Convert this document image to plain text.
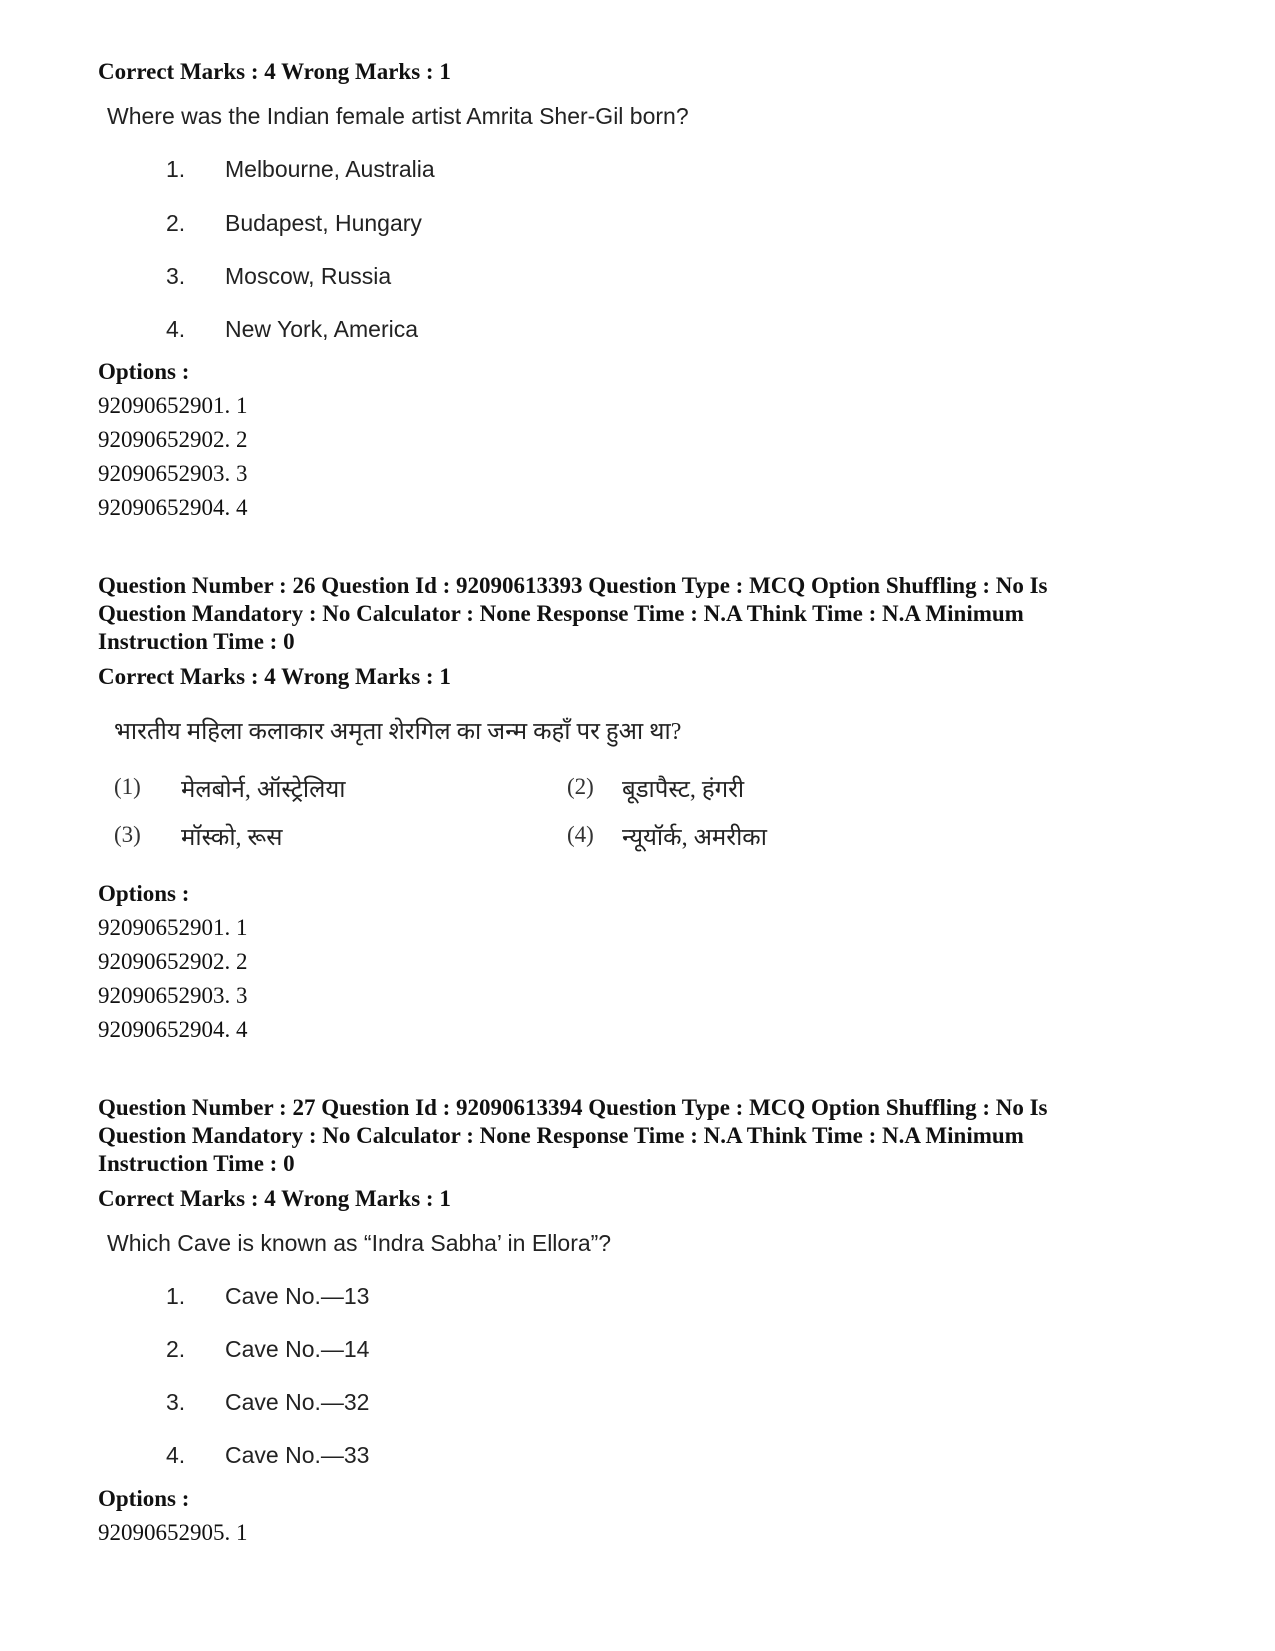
Correct Marks : 4 Wrong Marks : 1
Where was the Indian female artist Amrita Sher-Gil born?
1. Melbourne, Australia
2. Budapest, Hungary
3. Moscow, Russia
4. New York, America
Options :
92090652901. 1
92090652902. 2
92090652903. 3
92090652904. 4
Question Number : 26 Question Id : 92090613393 Question Type : MCQ Option Shuffling : No Is
Question Mandatory : No Calculator : None Response Time : N.A Think Time : N.A Minimum
Instruction Time : 0
Correct Marks : 4 Wrong Marks : 1
भारतीय महिला कलाकार अमृता शेरगिल का जन्म कहाँ पर हुआ था?
(1) मेलबोर्न, ऑस्ट्रेलिया	(2) बूडापैस्ट, हंगरी
(3) मॉस्को, रूस	(4) न्यूयॉर्क, अमरीका
Options :
92090652901. 1
92090652902. 2
92090652903. 3
92090652904. 4
Question Number : 27 Question Id : 92090613394 Question Type : MCQ Option Shuffling : No Is
Question Mandatory : No Calculator : None Response Time : N.A Think Time : N.A Minimum
Instruction Time : 0
Correct Marks : 4 Wrong Marks : 1
Which Cave is known as “Indra Sabha’ in Ellora”?
1. Cave No.—13
2. Cave No.—14
3. Cave No.—32
4. Cave No.—33
Options :
92090652905. 1
